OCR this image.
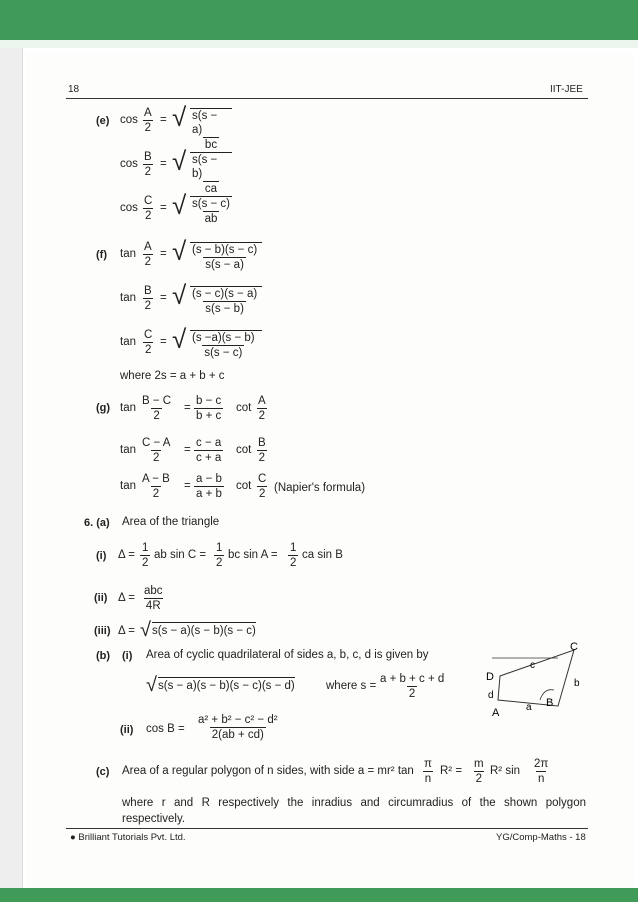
18	IIT-JEE
(e) $\cos \frac{A}{2}$ = √ $\frac{s(s - a)}{bc}$
$\cos \frac{B}{2}$ = √ $\frac{s(s - b)}{ca}$
$\cos \frac{C}{2}$ = √ $\frac{s(s - c)}{ab}$
(f) $\tan \frac{A}{2}$ = √ $\frac{(s - b)(s - c)}{s(s - a)}$
$\tan \frac{B}{2}$ = √ $\frac{(s - c)(s - a)}{s(s - b)}$
$\tan \frac{C}{2}$ = √ $\frac{(s -a)(s - b)}{s(s - c)}$
where 2s = a + b + c
(g) $\tan \frac{B - C}{2} = \frac{b - c}{b + c}$ $\cot \frac{A}{2}$
$\tan \frac{C - A}{2} = \frac{c - a}{c + a}$ $\cot \frac{B}{2}$
$\tan \frac{A - B}{2} = \frac{a - b}{a + b}$ $\cot \frac{C}{2}$ (Napier's formula)
6. (a) Area of the triangle
(i) $\Delta = \frac{1}{2}$ ab $\sin C = \frac{1}{2}$ bc $\sin A = \frac{1}{2}$ ca sin B
(ii) Δ =
abc
4R
(iii) Δ = √ s(s − a)(s − b)(s − c)
(b) (i) Area of cyclic quadrilateral of sides a, b, c, d is given by
√ s(s − a)(s − b)(s − c)(s − d)	where $s = \frac{a + b + c + d}{2}$	D
C
B
A	a
b
c
d
(ii) $\cos B = \frac{\text{a² + b² − c² − d²}}{2(ab + cd)}$
(c) Area of a regular polygon of n sides, with side a = mr² $\tan \frac{\pi}{n} R^2 = \frac{m}{2} R^2$ $\sin \frac{2\pi}{n}$
where r and R respectively the inradius and circumradius of the shown polygon respectively.
● Brilliant Tutorials Pvt. Ltd.	YG/Comp-Maths - 18
